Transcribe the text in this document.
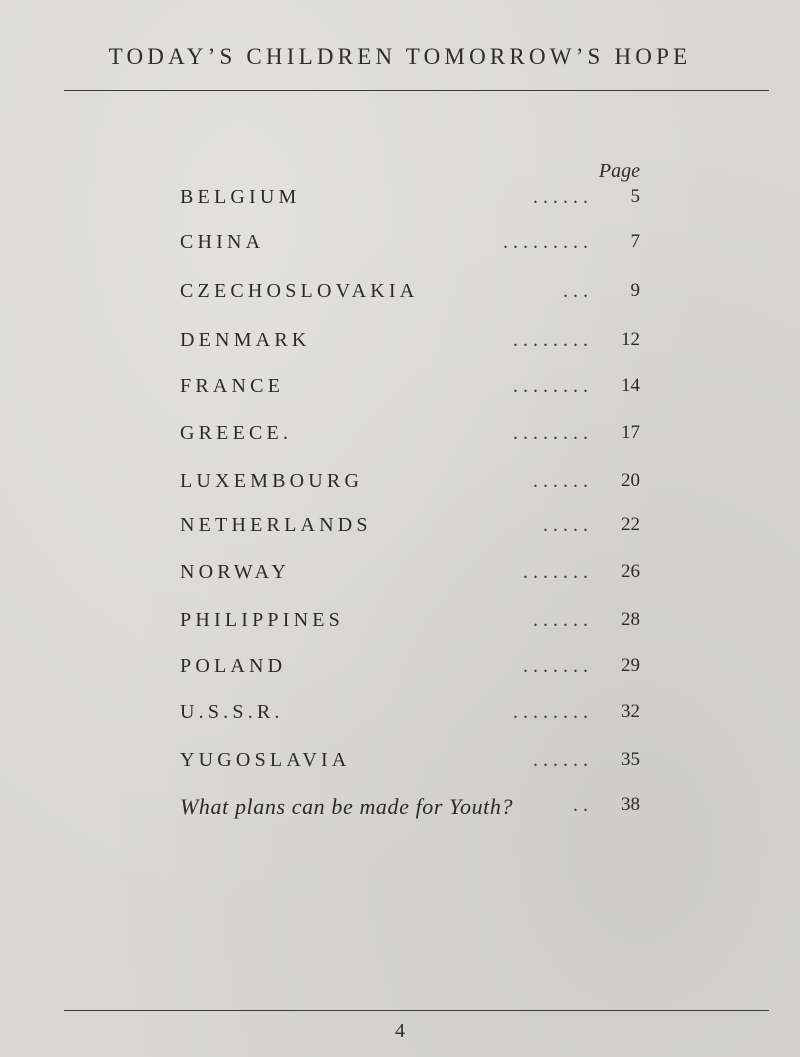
TODAY’S CHILDREN TOMORROW’S HOPE
Page
BELGIUM	. . . . . .	5
CHINA	. . . . . . . . .	7
CZECHOSLOVAKIA	. . .	9
DENMARK	. . . . . . . .	12
FRANCE	. . . . . . . .	14
GREECE.	. . . . . . . .	17
LUXEMBOURG	. . . . . .	20
NETHERLANDS	. . . . .	22
NORWAY	. . . . . . .	26
PHILIPPINES	. . . . . .	28
POLAND	. . . . . . .	29
U.S.S.R.	. . . . . . . .	32
YUGOSLAVIA	. . . . . .	35
What plans can be made for Youth?	. .	38
4
